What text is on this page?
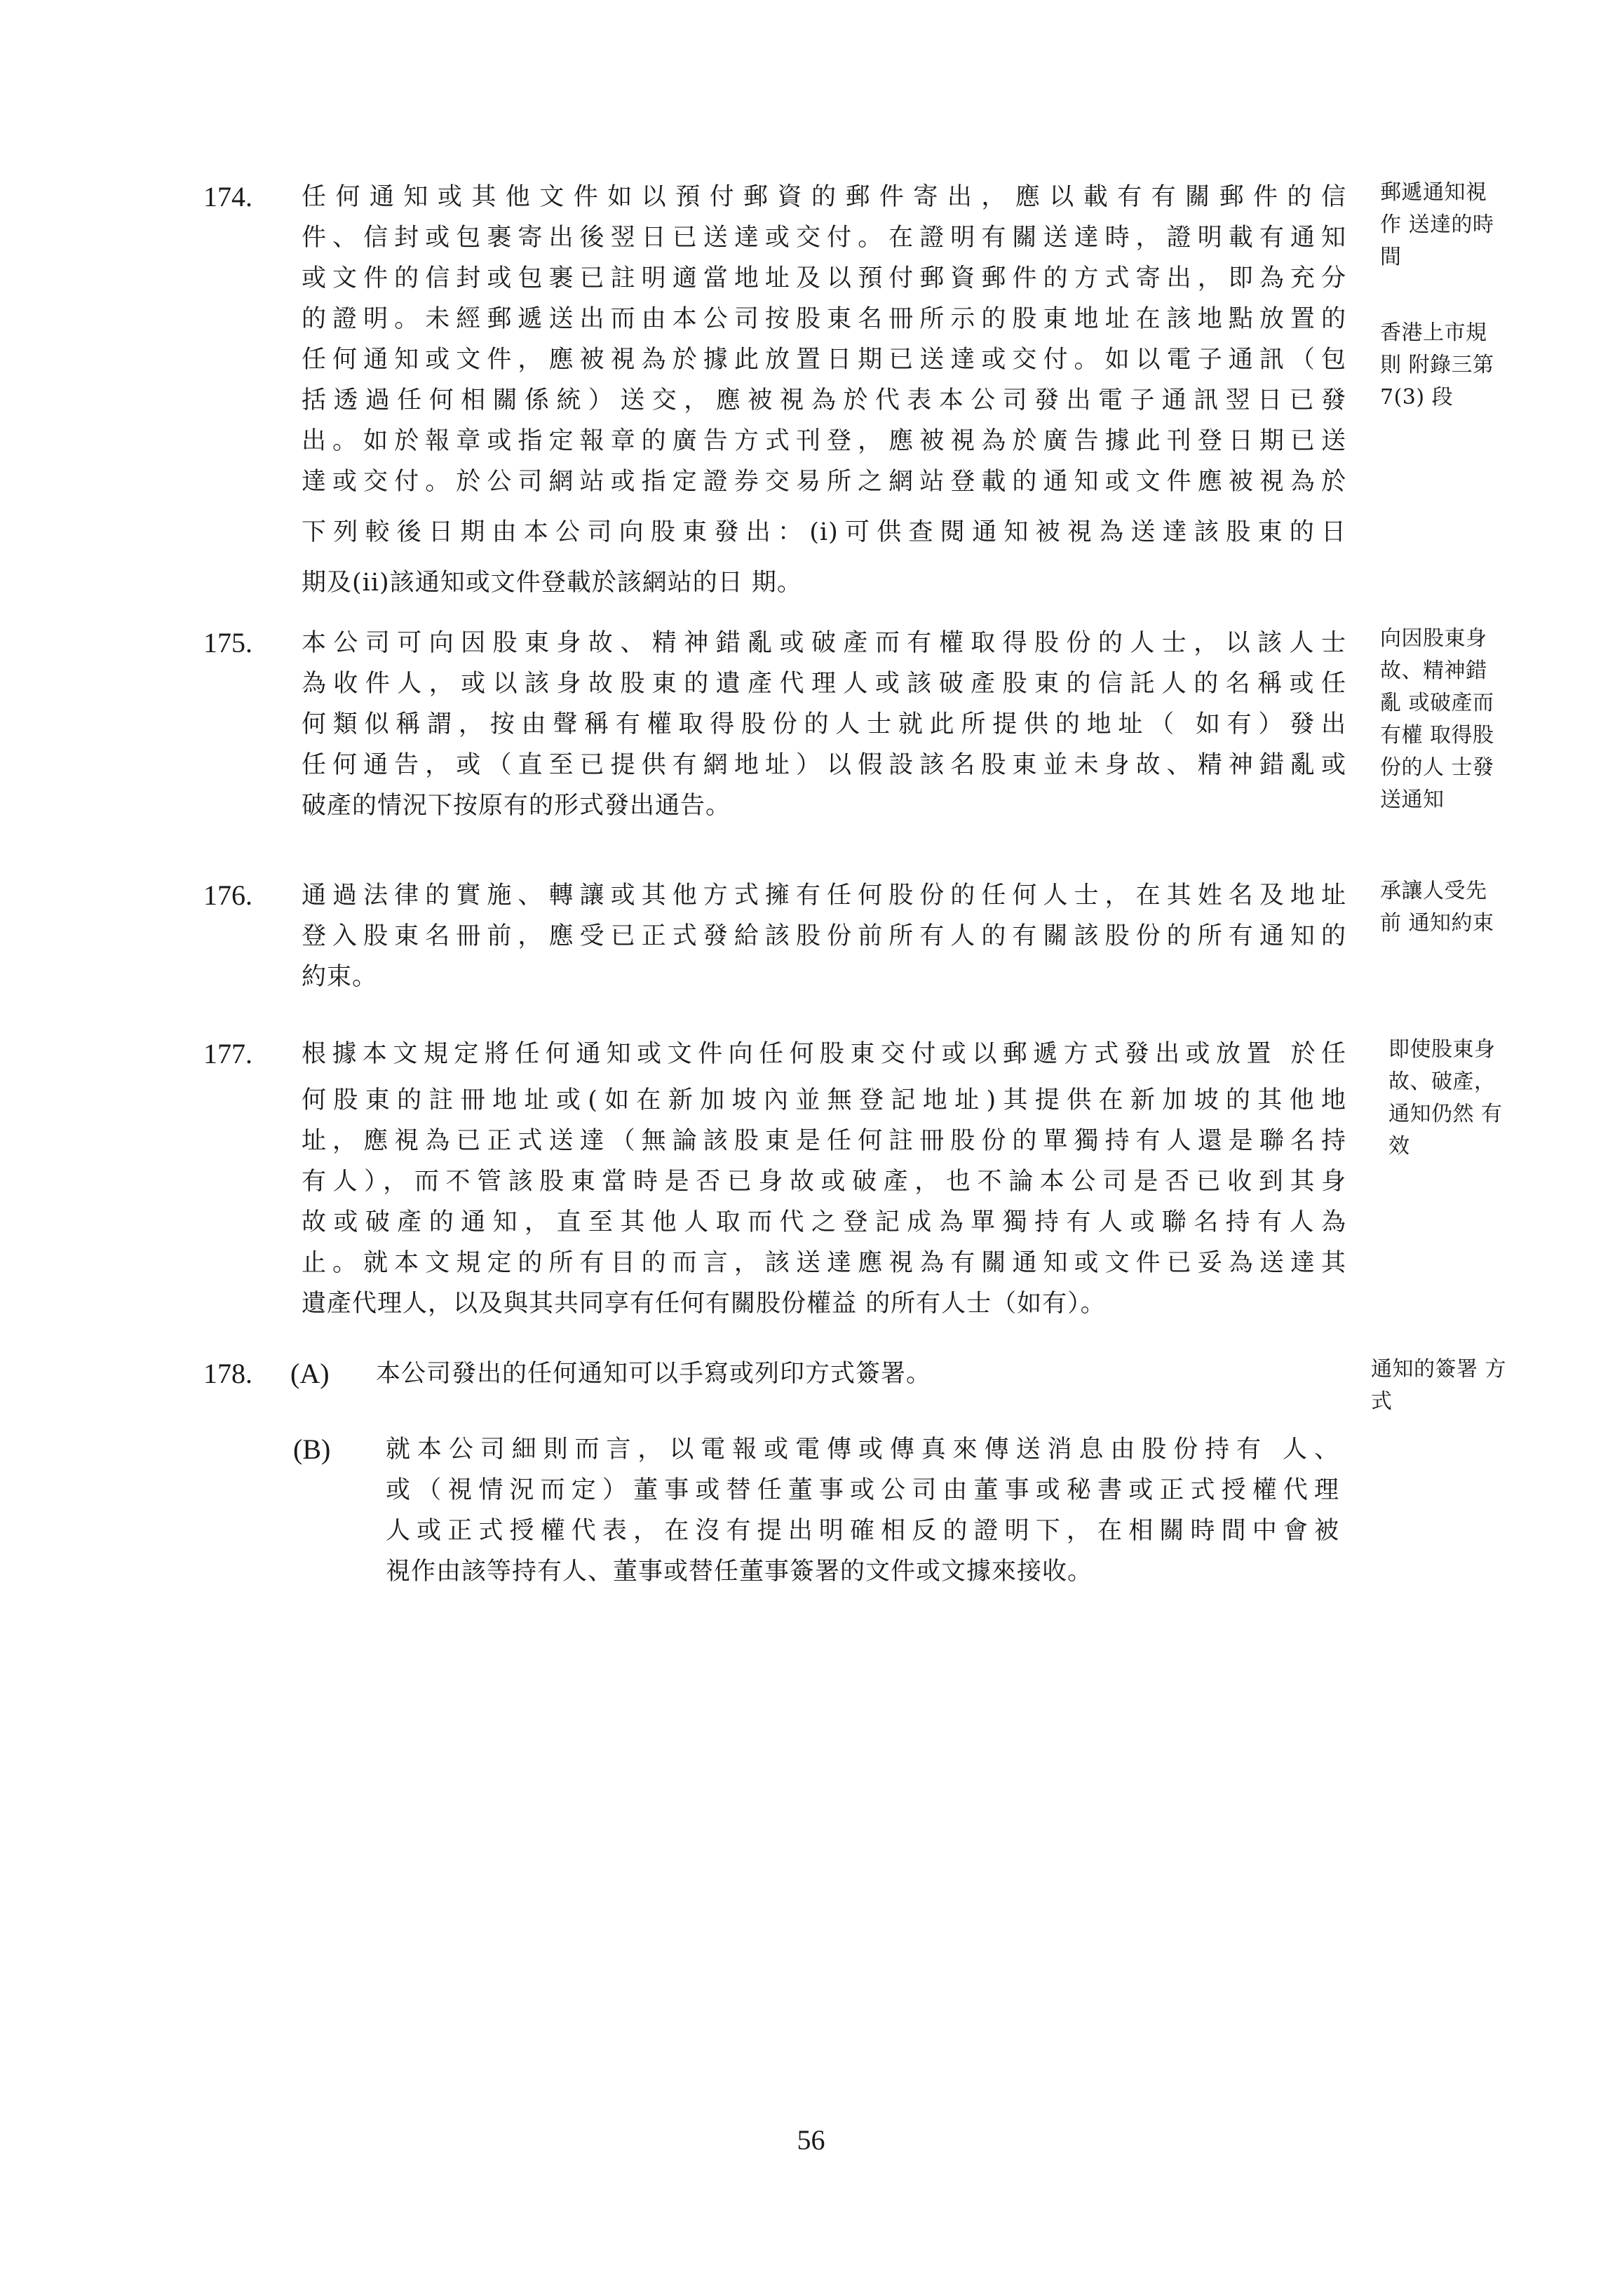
174. 任何通知或其他文件如以預付郵資的郵件寄出，應以載有有關郵件的信
件、信封或包裹寄出後翌日已送達或交付。在證明有關送達時，證明載有通知
或文件的信封或包裹已註明適當地址及以預付郵資郵件的方式寄出，即為充分
的證明。未經郵遞送出而由本公司按股東名冊所示的股東地址在該地點放置的
任何通知或文件，應被視為於據此放置日期已送達或交付。如以電子通訊（包
括透過任何相關係統）送交，應被視為於代表本公司發出電子通訊翌日已發
出。如於報章或指定報章的廣告方式刊登，應被視為於廣告據此刊登日期已送
達或交付。於公司網站或指定證券交易所之網站登載的通知或文件應被視為於
下列較後日期由本公司向股東發出：(i)可供查閱通知被視為送達該股東的日
期及(ii)該通知或文件登載於該網站的日 期。
郵遞通知視
作 送達的時
間
香港上市規
則 附錄三第
7(3) 段
175. 本公司可向因股東身故、精神錯亂或破產而有權取得股份的人士，以該人士
為收件人，或以該身故股東的遺產代理人或該破產股東的信託人的名稱或任
何類似稱謂，按由聲稱有權取得股份的人士就此所提供的地址（ 如有）發出
任何通告，或（直至已提供有網地址）以假設該名股東並未身故、精神錯亂或
破產的情況下按原有的形式發出通告。
向因股東身
故、精神錯
亂 或破產而
有權 取得股
份的人 士發
送通知
176. 通過法律的實施、轉讓或其他方式擁有任何股份的任何人士，在其姓名及地址
登入股東名冊前，應受已正式發給該股份前所有人的有關該股份的所有通知的
約束。
承讓人受先
前 通知約束
177. 根據本文規定將任何通知或文件向任何股東交付或以郵遞方式發出或放置 於任
何股東的註冊地址或(如在新加坡內並無登記地址)其提供在新加坡的其他地
址，應視為已正式送達（無論該股東是任何註冊股份的單獨持有人還是聯名持
有人），而不管該股東當時是否已身故或破產，也不論本公司是否已收到其身
故或破產的通知，直至其他人取而代之登記成為單獨持有人或聯名持有人為
止。就本文規定的所有目的而言，該送達應視為有關通知或文件已妥為送達其
遺產代理人，以及與其共同享有任何有關股份權益 的所有人士（如有）。
即使股東身
故、破產，
通知仍然 有
效
178. (A) 本公司發出的任何通知可以手寫或列印方式簽署。
(B) 就本公司細則而言，以電報或電傳或傳真來傳送消息由股份持有 人、
或（視情況而定）董事或替任董事或公司由董事或秘書或正式授權代理
人或正式授權代表，在沒有提出明確相反的證明下，在相關時間中會被
視作由該等持有人、董事或替任董事簽署的文件或文據來接收。
通知的簽署 方
式
56
